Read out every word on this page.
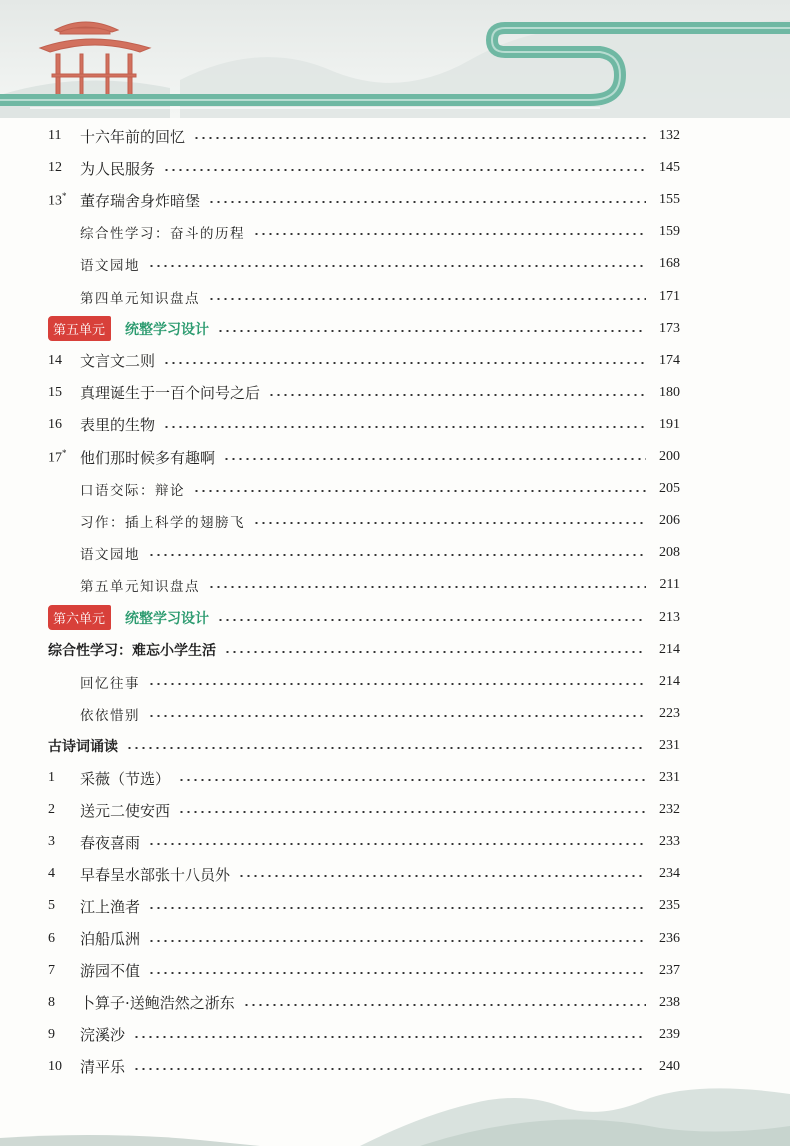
11	十六年前的回忆	132
12	为人民服务	145
13* 董存瑞舍身炸暗堡	155
综合性学习：奋斗的历程	159
语文园地	168
第四单元知识盘点	171
第五单元	统整学习设计	173
14	文言文二则	174
15	真理诞生于一百个问号之后	180
16	表里的生物	191
17* 他们那时候多有趣啊	200
口语交际：辩论	205
习作：插上科学的翅膀飞	206
语文园地	208
第五单元知识盘点	211
第六单元	统整学习设计	213
综合性学习：难忘小学生活	214
回忆往事	214
依依惜别	223
古诗词诵读	231
1	采薇（节选）	231
2	送元二使安西	232
3	春夜喜雨	233
4	早春呈水部张十八员外	234
5	江上渔者	235
6	泊船瓜洲	236
7	游园不值	237
8	卜算子·送鲍浩然之浙东	238
9	浣溪沙	239
10	清平乐	240
